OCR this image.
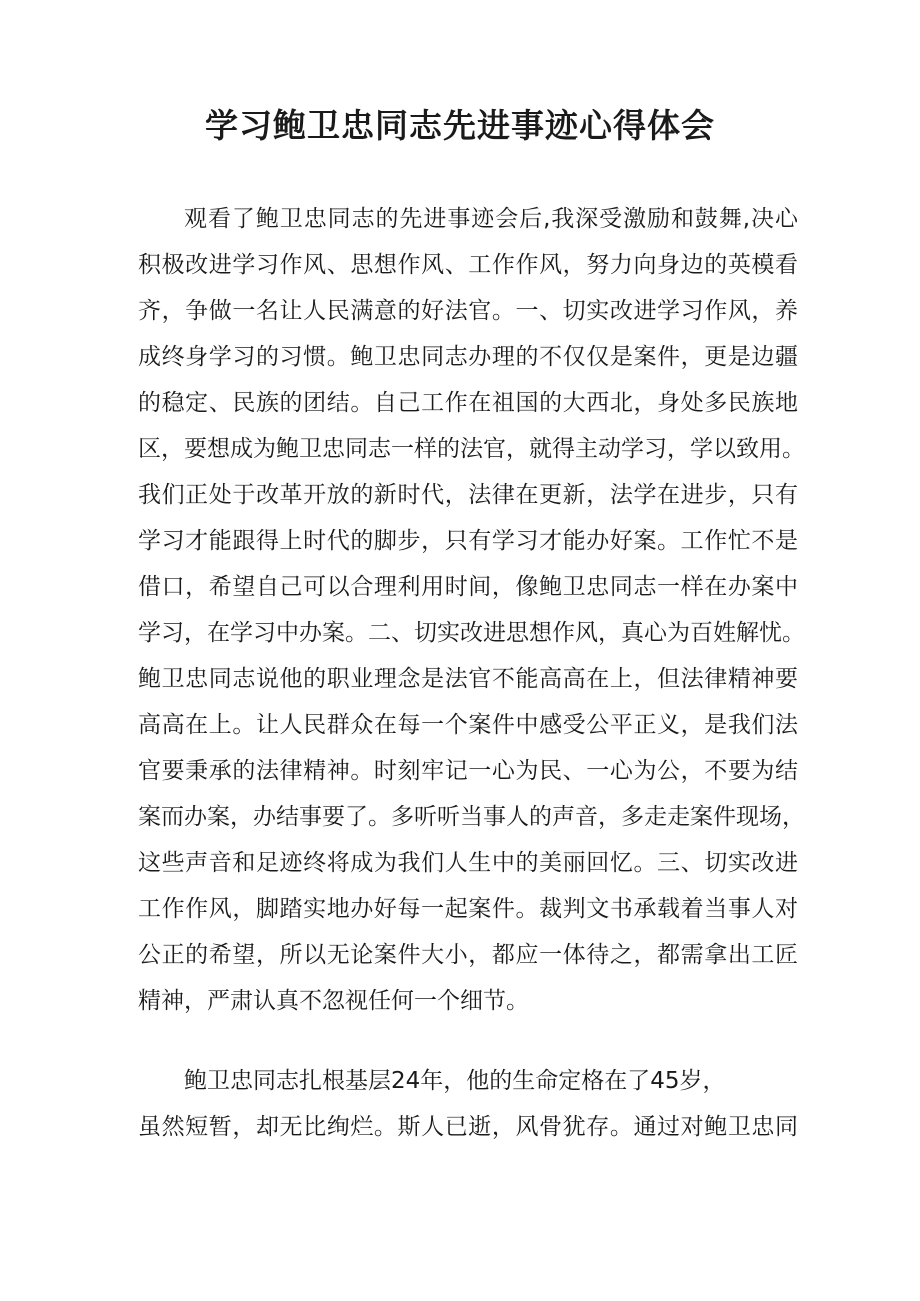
学习鲍卫忠同志先进事迹心得体会
观看了鲍卫忠同志的先进事迹会后,我深受激励和鼓舞,决心
积极改进学习作风、思想作风、工作作风，努力向身边的英模看
齐，争做一名让人民满意的好法官。一、切实改进学习作风，养
成终身学习的习惯。鲍卫忠同志办理的不仅仅是案件，更是边疆
的稳定、民族的团结。自己工作在祖国的大西北，身处多民族地
区，要想成为鲍卫忠同志一样的法官，就得主动学习，学以致用。
我们正处于改革开放的新时代，法律在更新，法学在进步，只有
学习才能跟得上时代的脚步，只有学习才能办好案。工作忙不是
借口，希望自己可以合理利用时间，像鲍卫忠同志一样在办案中
学习，在学习中办案。二、切实改进思想作风，真心为百姓解忧。
鲍卫忠同志说他的职业理念是法官不能高高在上，但法律精神要
高高在上。让人民群众在每一个案件中感受公平正义，是我们法
官要秉承的法律精神。时刻牢记一心为民、一心为公，不要为结
案而办案，办结事要了。多听听当事人的声音，多走走案件现场，
这些声音和足迹终将成为我们人生中的美丽回忆。三、切实改进
工作作风，脚踏实地办好每一起案件。裁判文书承载着当事人对
公正的希望，所以无论案件大小，都应一体待之，都需拿出工匠
精神，严肃认真不忽视任何一个细节。
鲍卫忠同志扎根基层24年，他的生命定格在了45岁，
虽然短暂，却无比绚烂。斯人已逝，风骨犹存。通过对鲍卫忠同
